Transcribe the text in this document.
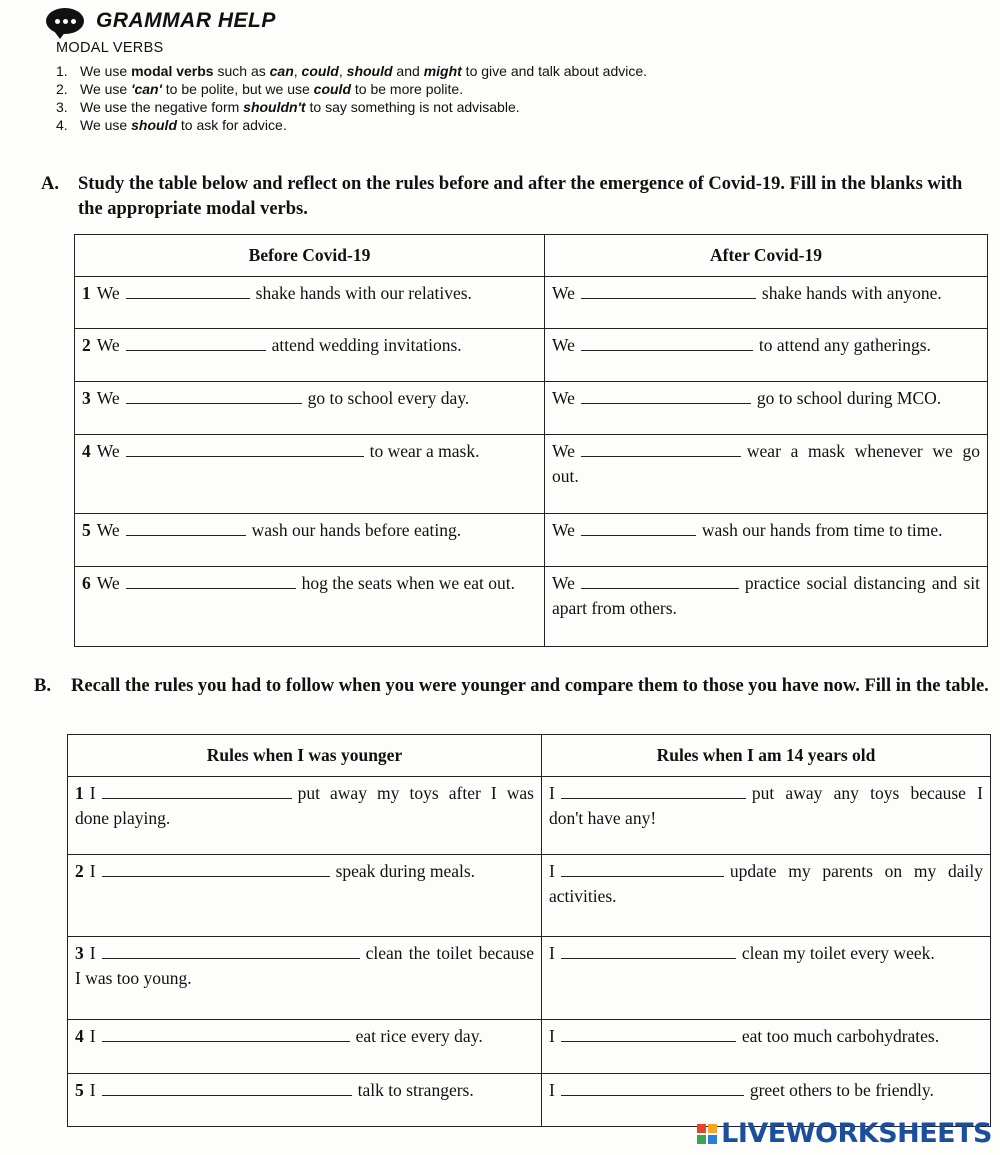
GRAMMAR HELP
MODAL VERBS
1. We use modal verbs such as can, could, should and might to give and talk about advice.
2. We use 'can' to be polite, but we use could to be more polite.
3. We use the negative form shouldn't to say something is not advisable.
4. We use should to ask for advice.
A. Study the table below and reflect on the rules before and after the emergence of Covid-19. Fill in the blanks with the appropriate modal verbs.
Before Covid-19	After Covid-19
1 We shake hands with our relatives.	We shake hands with anyone.
2 We attend wedding invitations.	We to attend any gatherings.
3 We go to school every day.	We go to school during MCO.
4 We to wear a mask.	We wear a mask whenever we go out.
5 We wash our hands before eating.	We wash our hands from time to time.
6 We hog the seats when we eat out.	We practice social distancing and sit apart from others.
B. Recall the rules you had to follow when you were younger and compare them to those you have now. Fill in the table.
Rules when I was younger	Rules when I am 14 years old
1 I put away my toys after I was done playing.	I put away any toys because I don't have any!
2 I speak during meals.	I update my parents on my daily activities.
3 I clean the toilet because I was too young.	I clean my toilet every week.
4 I eat rice every day.	I eat too much carbohydrates.
5 I talk to strangers.	I greet others to be friendly.
LIVEWORKSHEETS
